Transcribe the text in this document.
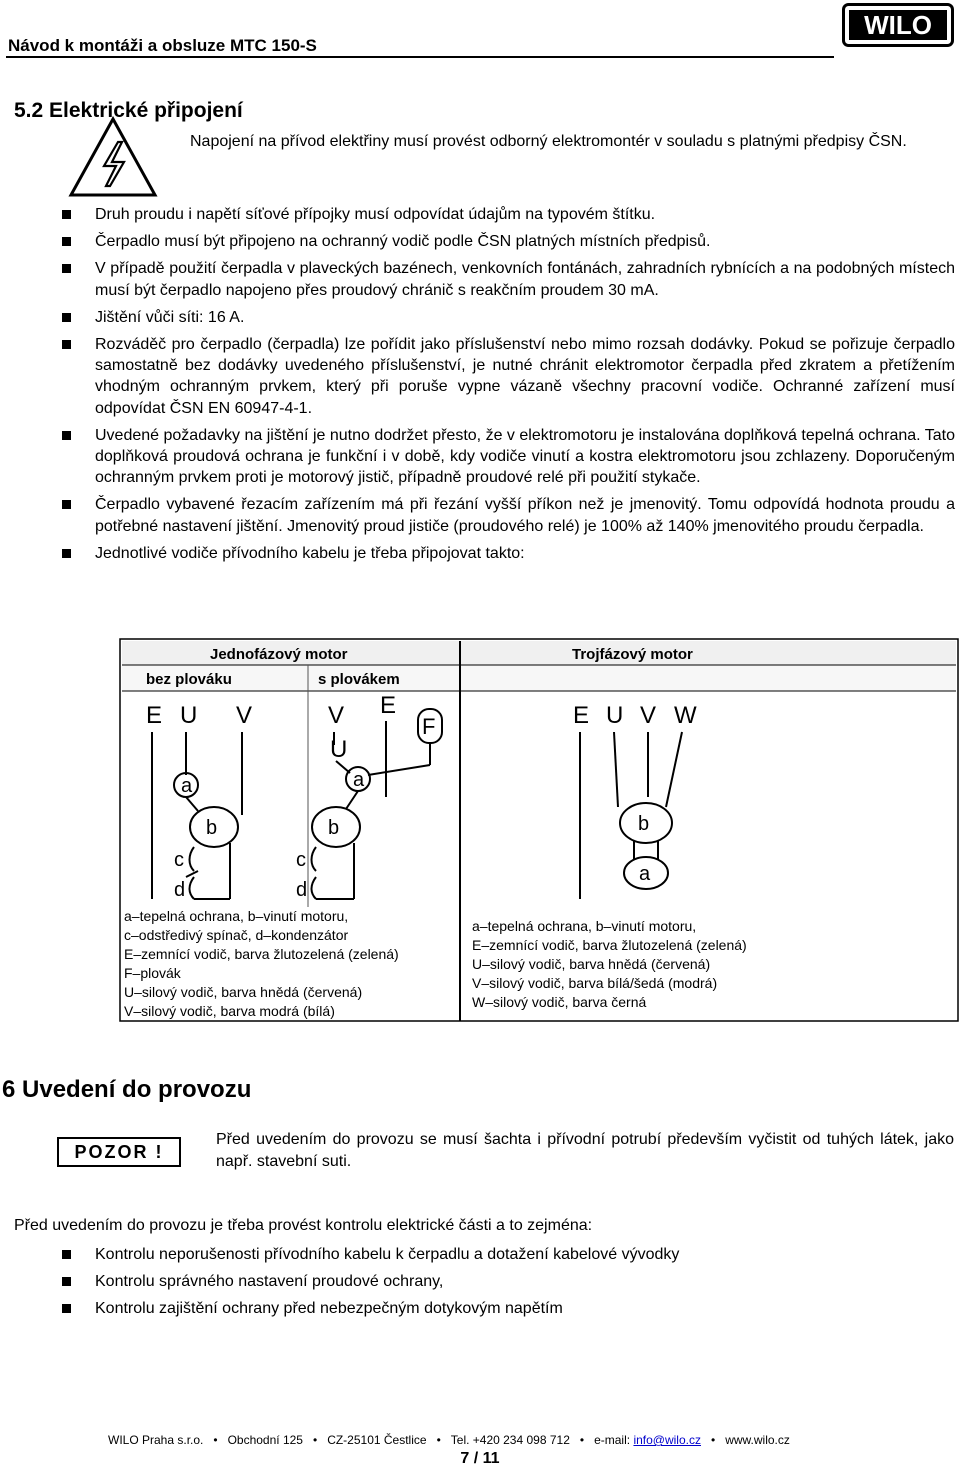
Návod k montáži a obsluze MTC 150-S
WILO
5.2 Elektrické připojení
Napojení na přívod elektřiny musí provést odborný elektromontér v souladu s platnými předpisy ČSN.
Druh proudu i napětí síťové přípojky musí odpovídat údajům na typovém štítku.
Čerpadlo musí být připojeno na ochranný vodič podle ČSN platných místních předpisů.
V případě použití čerpadla v plaveckých bazénech, venkovních fontánách, zahradních rybnících a na podobných místech musí být čerpadlo napojeno přes proudový chránič s reakčním proudem 30 mA.
Jištění vůči síti: 16 A.
Rozváděč pro čerpadlo (čerpadla) lze pořídit jako příslušenství nebo mimo rozsah dodávky. Pokud se pořizuje čerpadlo samostatně bez dodávky uvedeného příslušenství, je nutné chránit elektromotor čerpadla před zkratem a přetížením vhodným ochranným prvkem, který při poruše vypne vázaně všechny pracovní vodiče. Ochranné zařízení musí odpovídat ČSN EN 60947-4-1.
Uvedené požadavky na jištění je nutno dodržet přesto, že v elektromotoru je instalována doplňková tepelná ochrana. Tato doplňková proudová ochrana je funkční i v době, kdy vodiče vinutí a kostra elektromotoru jsou zchlazeny. Doporučeným ochranným prvkem proti je motorový jistič, případně proudové relé při použití stykače.
Čerpadlo vybavené řezacím zařízením má při řezání vyšší příkon než je jmenovitý. Tomu odpovídá hodnota proudu a potřebné nastavení jištění. Jmenovitý proud jističe (proudového relé) je 100% až 140% jmenovitého proudu čerpadla.
Jednotlivé vodiče přívodního kabelu je třeba připojovat takto:
Jednofázový motor	Trojfázový motor
bez plováku	s plovákem
E U V	V E
U
E U V W
a
b
c
d
F
a
b
c
d
b
a
a–tepelná ochrana, b–vinutí motoru,
c–odstředivý spínač, d–kondenzátor
E–zemnící vodič, barva žlutozelená (zelená)
F–plovák
U–silový vodič, barva hnědá (červená)
V–silový vodič, barva modrá (bílá)
a–tepelná ochrana, b–vinutí motoru,
E–zemnící vodič, barva žlutozelená (zelená)
U–silový vodič, barva hnědá (červená)
V–silový vodič, barva bílá/šedá (modrá)
W–silový vodič, barva černá
6 Uvedení do provozu
POZOR !
Před uvedením do provozu se musí šachta i přívodní potrubí především vyčistit od tuhých látek, jako např. stavební suti.
Před uvedením do provozu je třeba provést kontrolu elektrické části a to zejména:
Kontrolu neporušenosti přívodního kabelu k čerpadlu a dotažení kabelové vývodky
Kontrolu správného nastavení proudové ochrany,
Kontrolu zajištění ochrany před nebezpečným dotykovým napětím
WILO Praha s.r.o. • Obchodní 125 • CZ-25101 Čestlice • Tel. +420 234 098 712 • e-mail: info@wilo.cz • www.wilo.cz
7 / 11
